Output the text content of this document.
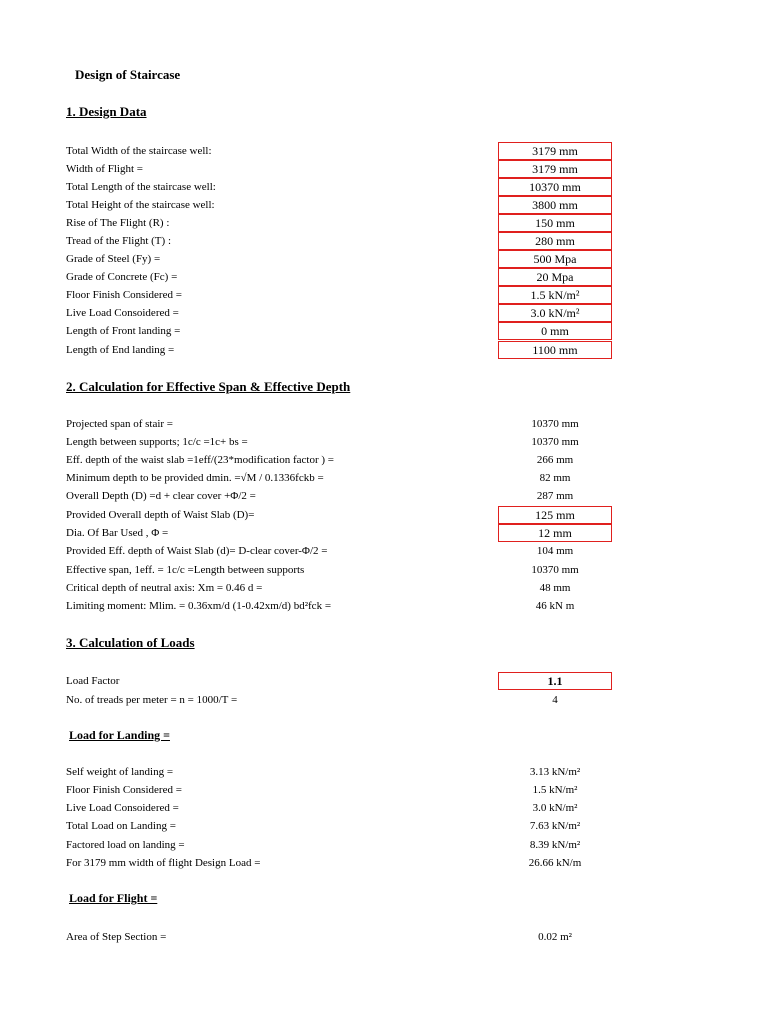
Design of Staircase
1. Design Data
Total Width of the staircase well:	3179 mm
Width of Flight =	3179 mm
Total Length of the staircase well:	10370 mm
Total Height of the staircase well:	3800 mm
Rise of The Flight (R) :	150 mm
Tread of the Flight (T) :	280 mm
Grade of Steel (Fy) =	500 Mpa
Grade of Concrete (Fc) =	20 Mpa
Floor Finish Considered =	1.5 kN/m²
Live Load Consoidered =	3.0 kN/m²
Length of Front landing =	0 mm
Length of End landing =	1100 mm
2. Calculation for Effective Span & Effective Depth
Projected span of stair =	10370 mm
Length between supports; 1c/c =1c+ bs =	10370 mm
Eff. depth of the waist slab =1eff/(23*modification factor ) =	266 mm
Minimum depth to be provided dmin. =√M / 0.1336fckb =	82 mm
Overall Depth (D) =d + clear cover +Φ/2 =	287 mm
Provided Overall depth of Waist Slab (D)=	125 mm
Dia. Of Bar Used , Φ =	12 mm
Provided Eff. depth of Waist Slab (d)= D-clear cover-Φ/2 =	104 mm
Effective span, 1eff. = 1c/c =Length between supports	10370 mm
Critical depth of neutral axis: Xm = 0.46 d =	48 mm
Limiting moment: Mlim. = 0.36xm/d (1-0.42xm/d) bd²fck =	46 kN m
3. Calculation of Loads
Load Factor	1.1
No. of treads per meter = n = 1000/T =	4
Load for Landing =
Self weight of landing =	3.13 kN/m²
Floor Finish Considered =	1.5 kN/m²
Live Load Consoidered =	3.0 kN/m²
Total Load on Landing =	7.63 kN/m²
Factored load on landing =	8.39 kN/m²
For 3179 mm width of flight Design Load =	26.66 kN/m
Load for Flight =
Area of Step Section =	0.02 m²
